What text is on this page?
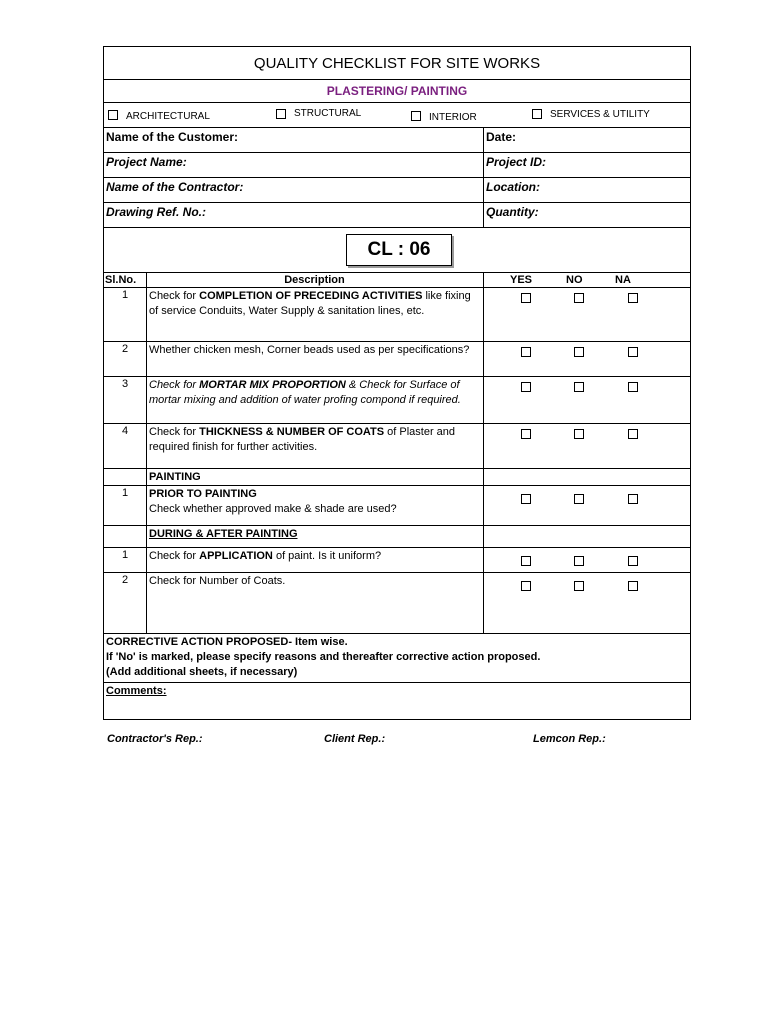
QUALITY CHECKLIST FOR SITE WORKS
PLASTERING/ PAINTING
ARCHITECTURAL	STRUCTURAL	INTERIOR	SERVICES & UTILITY
Name of the Customer:	Date:
Project Name:	Project ID:
Name of the Contractor:	Location:
Drawing Ref. No.:	Quantity:
CL : 06
Sl.No.	Description	YES	NO	NA
1	Check for COMPLETION OF PRECEDING ACTIVITIES like fixing of service Conduits, Water Supply & sanitation lines, etc.
2	Whether chicken mesh, Corner beads used as per specifications?
3	Check for MORTAR MIX PROPORTION & Check for Surface of mortar mixing and addition of water profing compond if required.
4	Check for THICKNESS & NUMBER OF COATS of Plaster and required finish for further activities.
PAINTING
1	PRIOR TO PAINTING
Check whether approved make & shade are used?
DURING & AFTER PAINTING
1	Check for APPLICATION of paint. Is it uniform?
2	Check for Number of Coats.
CORRECTIVE ACTION PROPOSED- Item wise.
If 'No' is marked, please specify reasons and thereafter corrective action proposed.
(Add additional sheets, if necessary)
Comments:
Contractor's Rep.:	Client Rep.:	Lemcon Rep.:
